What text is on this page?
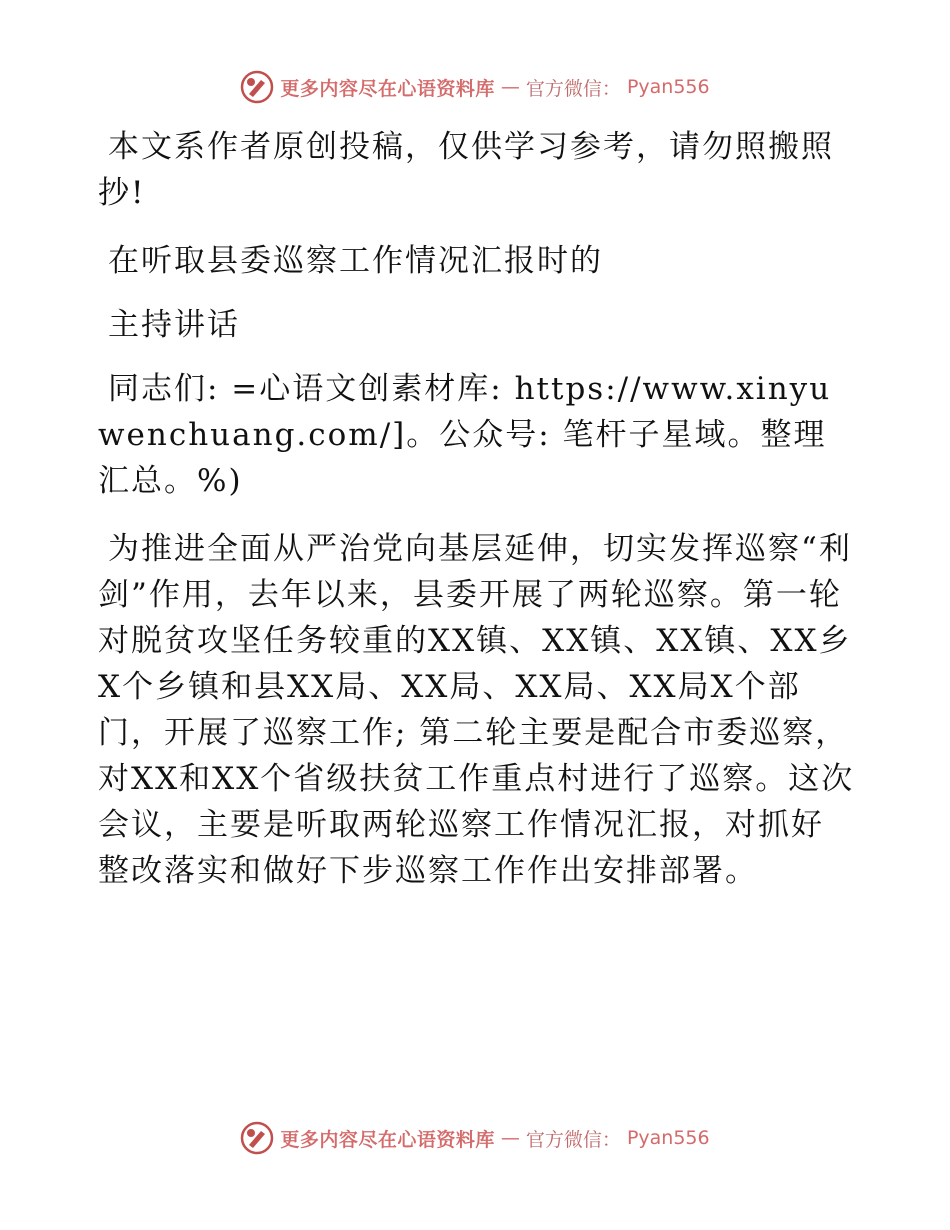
更多内容尽在心语资料库 — 官方微信： Pyan556

本文系作者原创投稿，仅供学习参考，请勿照搬照抄!

在听取县委巡察工作情况汇报时的

主持讲话

同志们: =心语文创素材库: https://www.xinyuwenchuang.com/]。公众号: 笔杆子星域。整理汇总。%)

为推进全面从严治党向基层延伸，切实发挥巡察“利剑”作用，去年以来，县委开展了两轮巡察。第一轮对脱贫攻坚任务较重的XX镇、XX镇、XX镇、XX乡X个乡镇和县XX局、XX局、XX局、XX局X个部门，开展了巡察工作; 第二轮主要是配合市委巡察，对XX和XX个省级扶贫工作重点村进行了巡察。这次会议，主要是听取两轮巡察工作情况汇报，对抓好整改落实和做好下步巡察工作作出安排部署。

更多内容尽在心语资料库 — 官方微信： Pyan556
